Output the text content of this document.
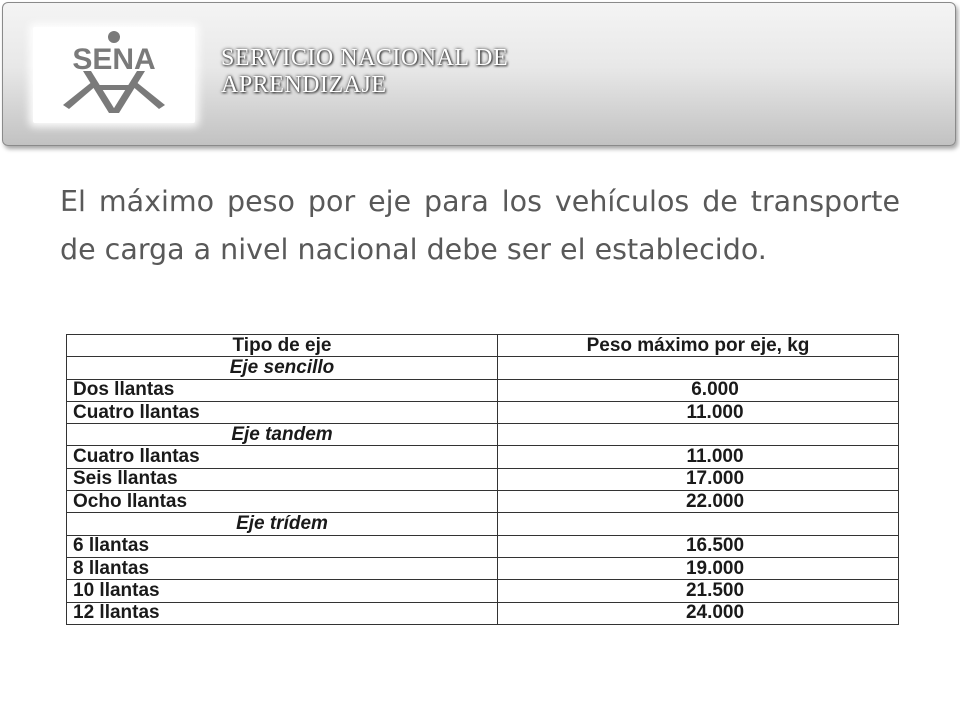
SENA	SERVICIO NACIONAL DE
APRENDIZAJE

El máximo peso por eje para los vehículos de transporte de carga a nivel nacional debe ser el establecido.

Tipo de eje	Peso máximo por eje, kg
Eje sencillo	
Dos llantas	6.000
Cuatro llantas	11.000
Eje tandem	
Cuatro llantas	11.000
Seis llantas	17.000
Ocho llantas	22.000
Eje trídem	
6 llantas	16.500
8 llantas	19.000
10 llantas	21.500
12 llantas	24.000
